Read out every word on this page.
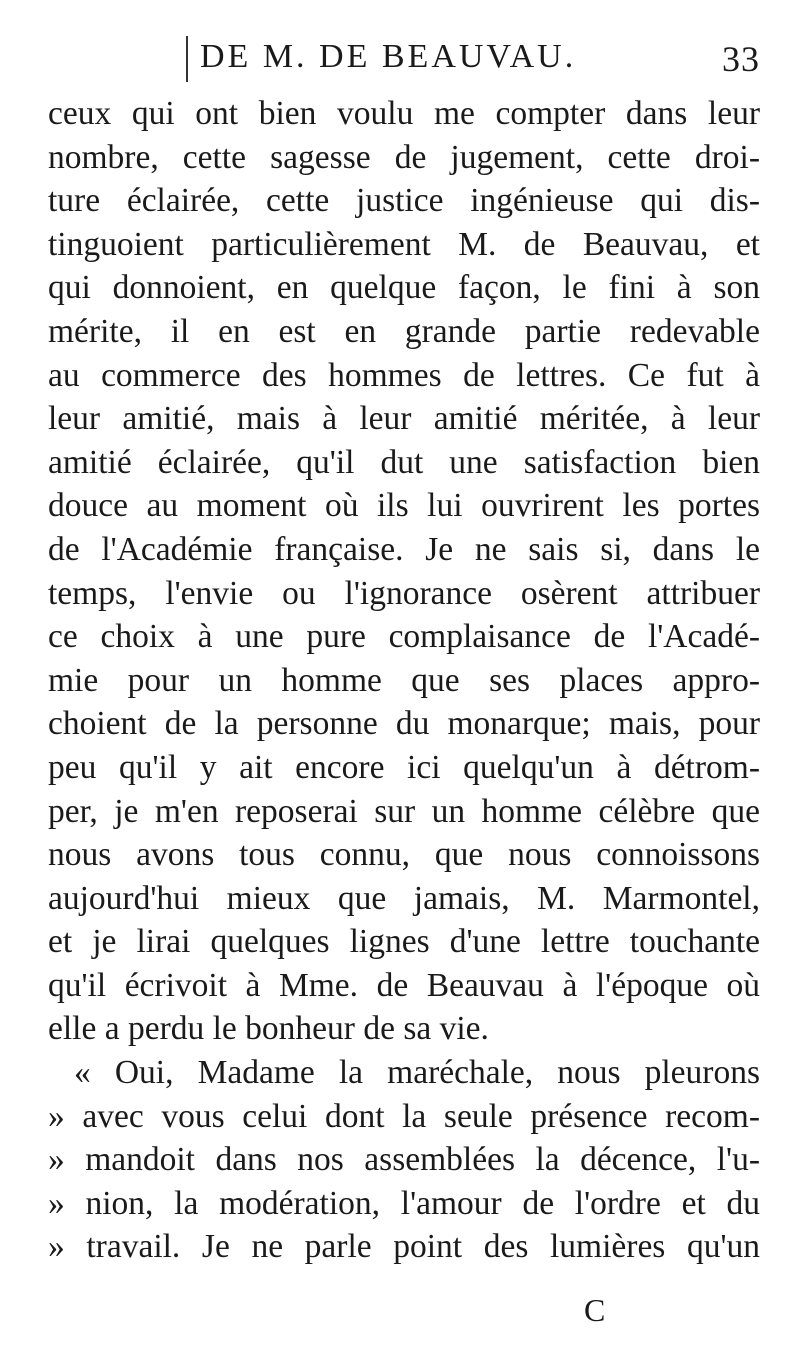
DE M. DE BEAUVAU.	33
ceux qui ont bien voulu me compter dans leur
nombre, cette sagesse de jugement, cette droi-
ture éclairée, cette justice ingénieuse qui dis-
tinguoient particulièrement M. de Beauvau, et
qui donnoient, en quelque façon, le fini à son
mérite, il en est en grande partie redevable
au commerce des hommes de lettres. Ce fut à
leur amitié, mais à leur amitié méritée, à leur
amitié éclairée, qu'il dut une satisfaction bien
douce au moment où ils lui ouvrirent les portes
de l'Académie française. Je ne sais si, dans le
temps, l'envie ou l'ignorance osèrent attribuer
ce choix à une pure complaisance de l'Acadé-
mie pour un homme que ses places appro-
choient de la personne du monarque; mais, pour
peu qu'il y ait encore ici quelqu'un à détrom-
per, je m'en reposerai sur un homme célèbre que
nous avons tous connu, que nous connoissons
aujourd'hui mieux que jamais, M. Marmontel,
et je lirai quelques lignes d'une lettre touchante
qu'il écrivoit à Mme. de Beauvau à l'époque où
elle a perdu le bonheur de sa vie.
« Oui, Madame la maréchale, nous pleurons
» avec vous celui dont la seule présence recom-
» mandoit dans nos assemblées la décence, l'u-
» nion, la modération, l'amour de l'ordre et du
» travail. Je ne parle point des lumières qu'un
C
